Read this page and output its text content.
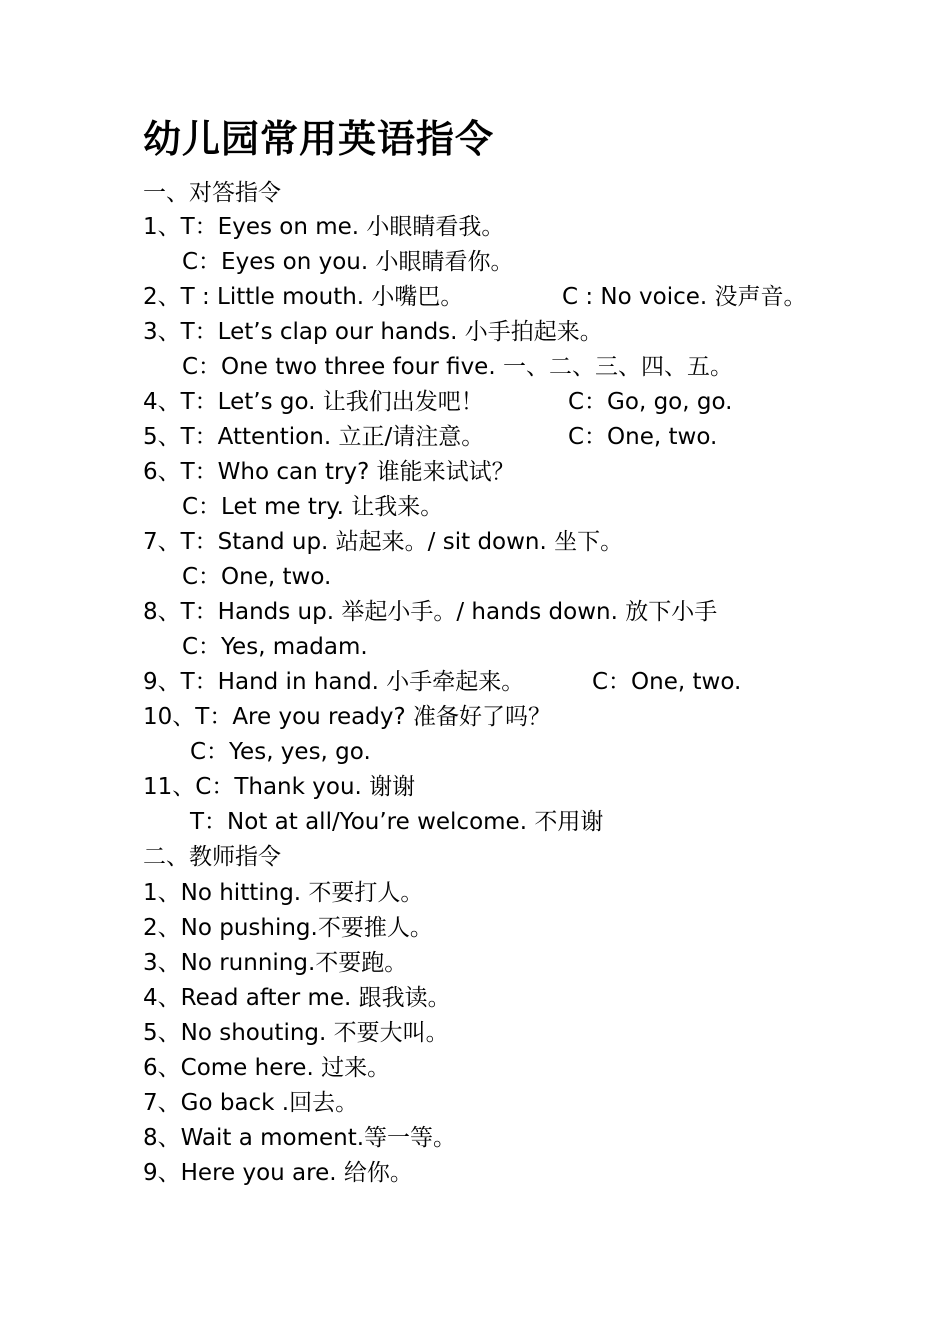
幼儿园常用英语指令
一、对答指令
1、T：Eyes on me. 小眼睛看我。
C：Eyes on you. 小眼睛看你。
2、T : Little mouth. 小嘴巴。	C : No voice. 没声音。
3、T：Let’s clap our hands. 小手拍起来。
C：One two three four five. 一、二、三、四、五。
4、T：Let’s go. 让我们出发吧！	C：Go, go, go.
5、T：Attention. 立正/请注意。	C：One, two.
6、T：Who can try? 谁能来试试？
C：Let me try. 让我来。
7、T：Stand up. 站起来。/ sit down. 坐下。
C：One, two.
8、T：Hands up. 举起小手。/ hands down. 放下小手
C：Yes, madam.
9、T：Hand in hand. 小手牵起来。	C：One, two.
10、T：Are you ready? 准备好了吗？
C：Yes, yes, go.
11、C：Thank you. 谢谢
T：Not at all/You’re welcome. 不用谢
二、教师指令
1、No hitting. 不要打人。
2、No pushing.不要推人。
3、No running.不要跑。
4、Read after me. 跟我读。
5、No shouting. 不要大叫。
6、Come here. 过来。
7、Go back .回去。
8、Wait a moment.等一等。
9、Here you are. 给你。
